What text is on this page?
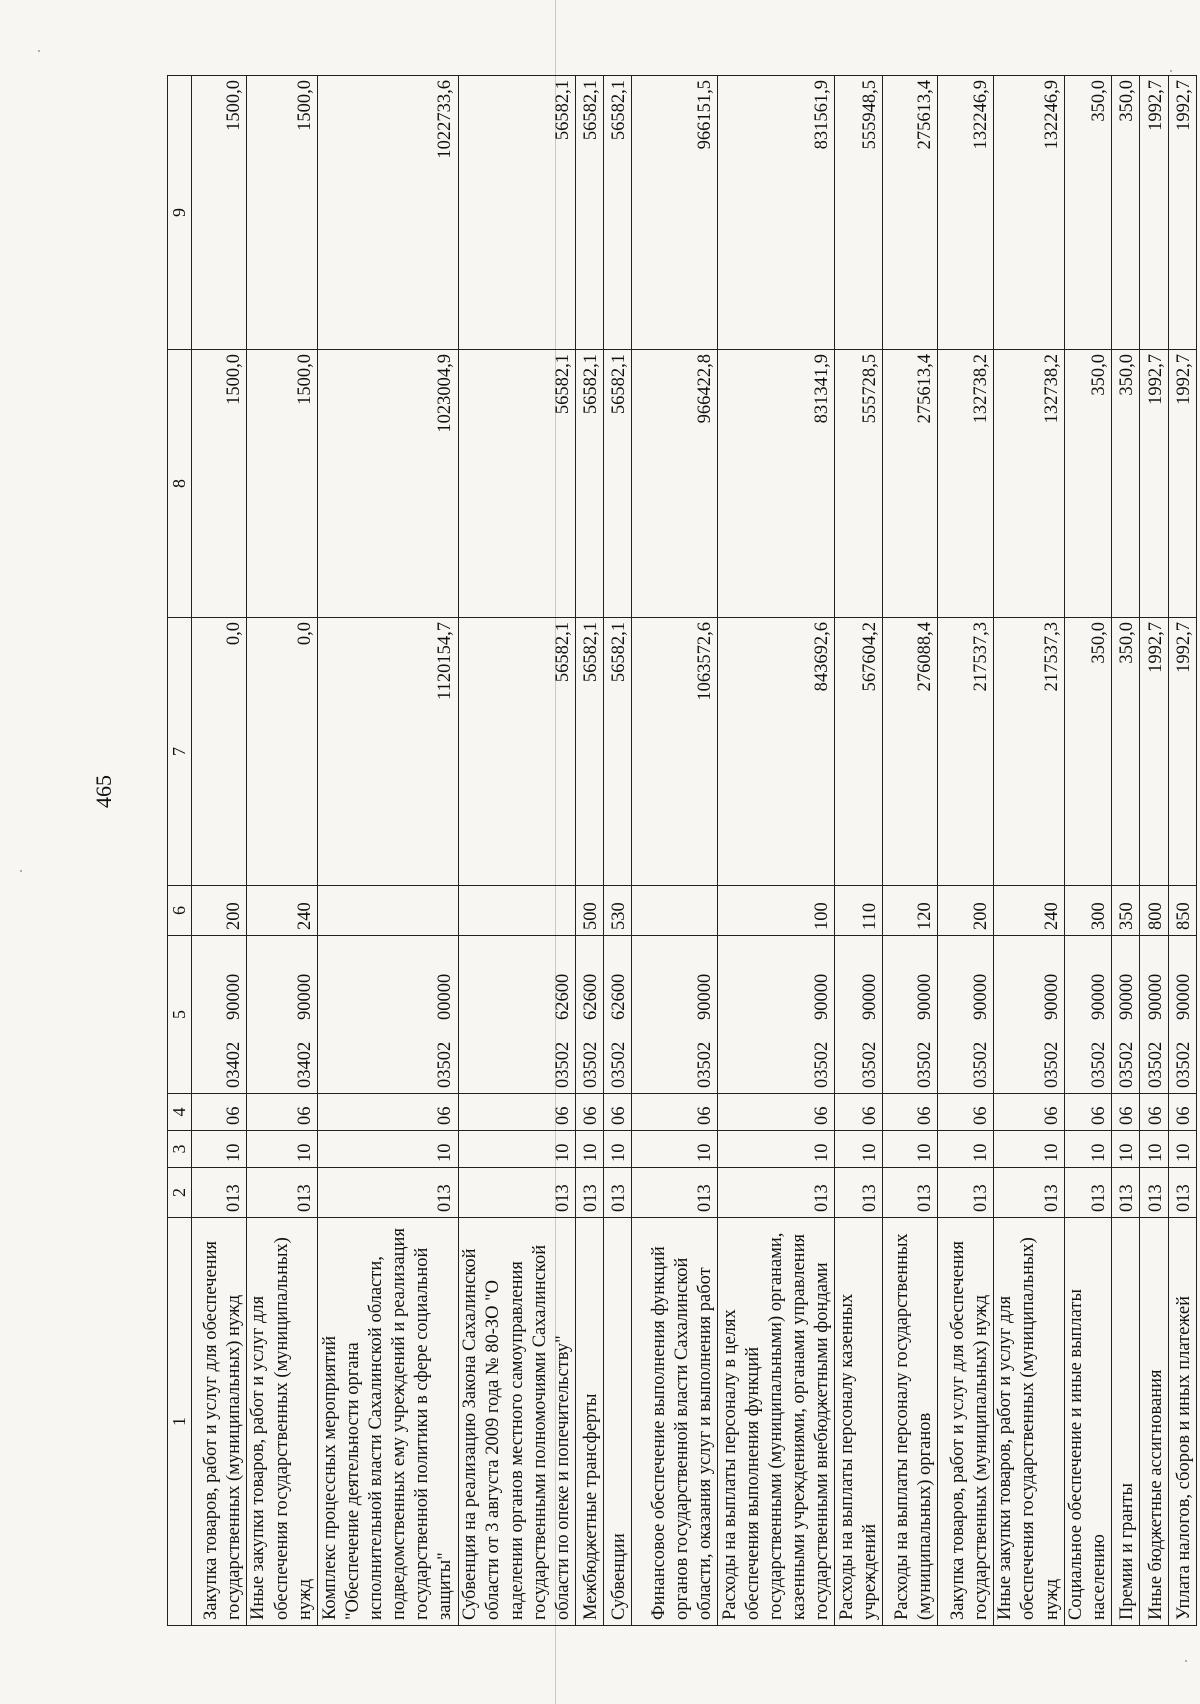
465
1	2	3	4	5	6	7	8	9
Закупка товаров, работ и услуг для обеспечения государственных (муниципальных) нужд	013	10	06	0340290000	200	0,0	1500,0	1500,0
Иные закупки товаров, работ и услуг для обеспечения государственных (муниципальных) нужд	013	10	06	0340290000	240	0,0	1500,0	1500,0
Комплекс процессных мероприятий "Обеспечение деятельности органа исполнительной власти Сахалинской области, подведомственных ему учреждений и реализация государственной политики в сфере социальной защиты"	013	10	06	0350200000		1120154,7	1023004,9	1022733,6
Субвенция на реализацию Закона Сахалинской области от 3 августа 2009 года № 80-ЗО "О наделении органов местного самоуправления государственными полномочиями Сахалинской области по опеке и попечительству"	013	10	06	0350262600		56582,1	56582,1	56582,1
Межбюджетные трансферты	013	10	06	0350262600	500	56582,1	56582,1	56582,1
Субвенции	013	10	06	0350262600	530	56582,1	56582,1	56582,1
Финансовое обеспечение выполнения функций органов государственной власти Сахалинской области, оказания услуг и выполнения работ	013	10	06	0350290000		1063572,6	966422,8	966151,5
Расходы на выплаты персоналу в целях обеспечения выполнения функций государственными (муниципальными) органами, казенными учреждениями, органами управления государственными внебюджетными фондами	013	10	06	0350290000	100	843692,6	831341,9	831561,9
Расходы на выплаты персоналу казенных учреждений	013	10	06	0350290000	110	567604,2	555728,5	555948,5
Расходы на выплаты персоналу государственных (муниципальных) органов	013	10	06	0350290000	120	276088,4	275613,4	275613,4
Закупка товаров, работ и услуг для обеспечения государственных (муниципальных) нужд	013	10	06	0350290000	200	217537,3	132738,2	132246,9
Иные закупки товаров, работ и услуг для обеспечения государственных (муниципальных) нужд	013	10	06	0350290000	240	217537,3	132738,2	132246,9
Социальное обеспечение и иные выплаты населению	013	10	06	0350290000	300	350,0	350,0	350,0
Премии и гранты	013	10	06	0350290000	350	350,0	350,0	350,0
Иные бюджетные ассигнования	013	10	06	0350290000	800	1992,7	1992,7	1992,7
Уплата налогов, сборов и иных платежей	013	10	06	0350290000	850	1992,7	1992,7	1992,7
